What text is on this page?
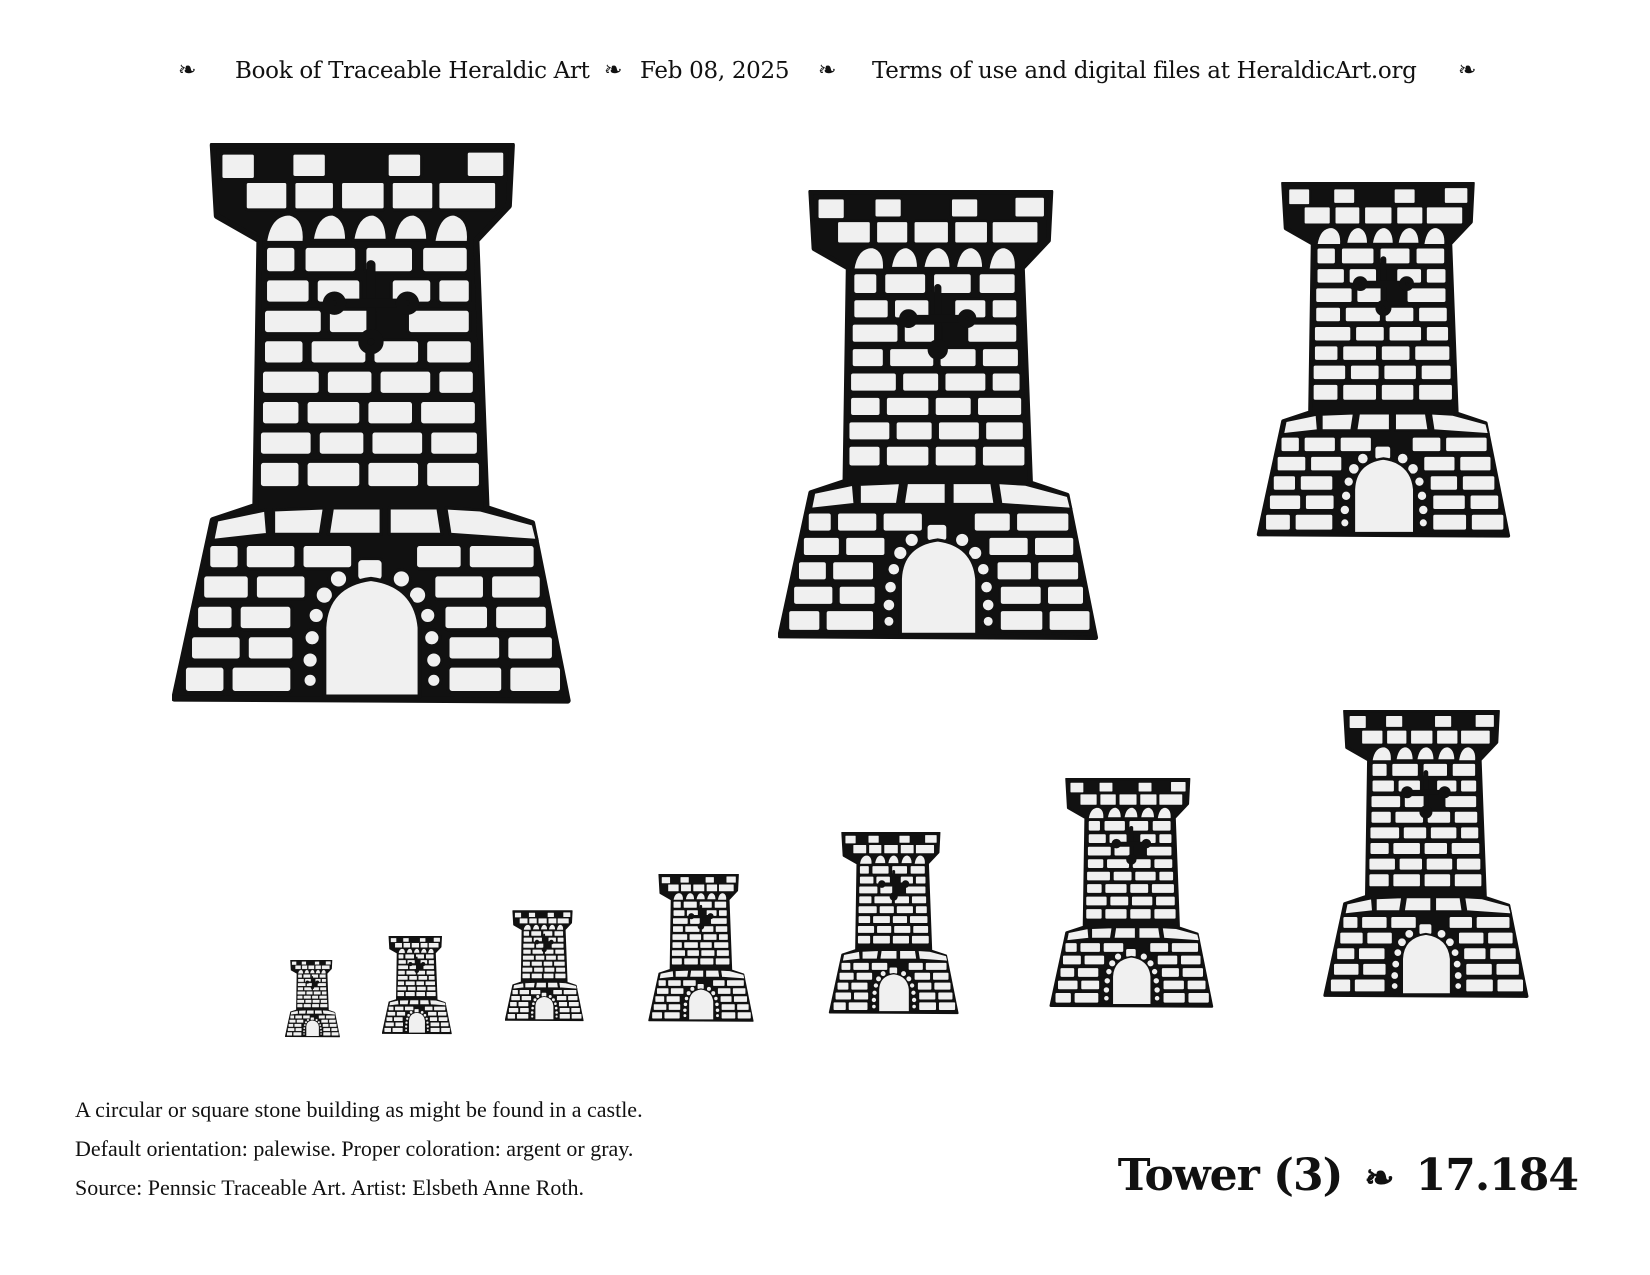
❧ Book of Traceable Heraldic Art ❧ Feb 08, 2025 ❧ Terms of use and digital files at HeraldicArt.org ❧
A circular or square stone building as might be found in a castle.
Default orientation: palewise. Proper coloration: argent or gray.
Source: Pennsic Traceable Art. Artist: Elsbeth Anne Roth.	Tower (3) ❧ 17.184
